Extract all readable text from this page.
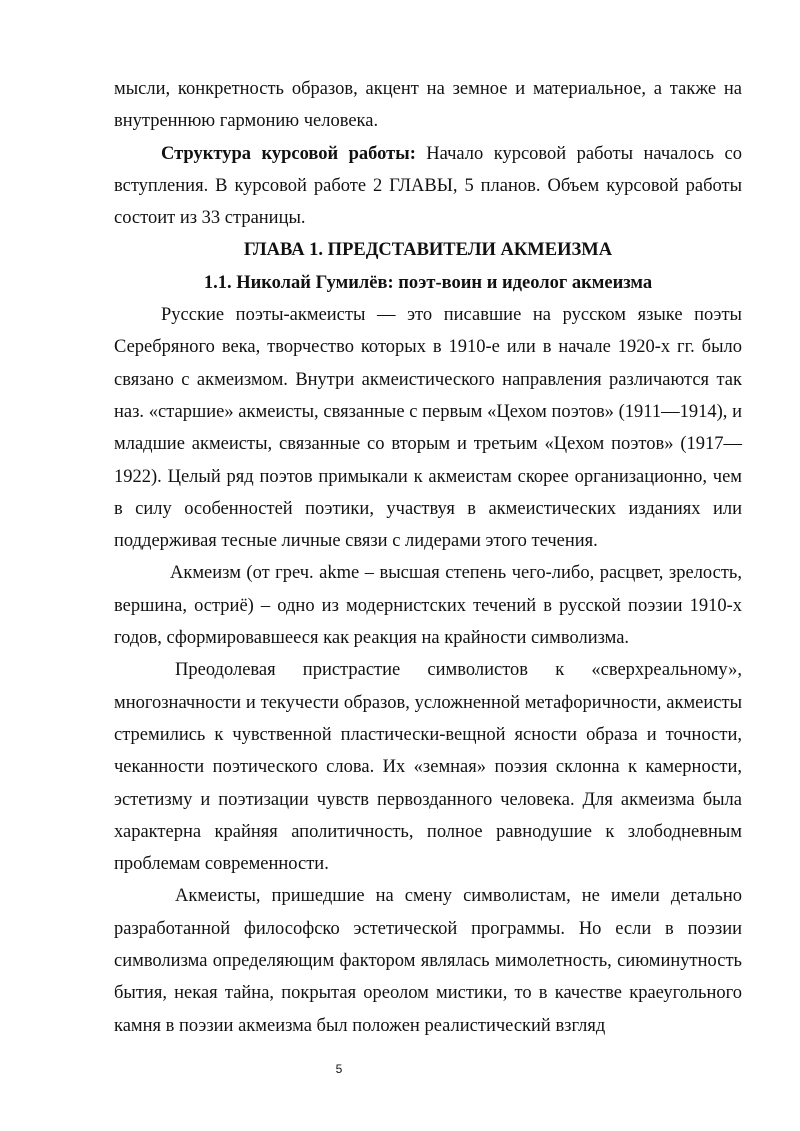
мысли, конкретность образов, акцент на земное и материальное, а также на внутреннюю гармонию человека.

Структура курсовой работы: Начало курсовой работы началось со вступления. В курсовой работе 2 ГЛАВЫ, 5 планов. Объем курсовой работы состоит из 33 страницы.

ГЛАВА 1. ПРЕДСТАВИТЕЛИ АКМЕИЗМА

1.1. Николай Гумилёв: поэт-воин и идеолог акмеизма

Русские поэты-акмеисты — это писавшие на русском языке поэты Серебряного века, творчество которых в 1910-е или в начале 1920-х гг. было связано с акмеизмом. Внутри акмеистического направления различаются так наз. «старшие» акмеисты, связанные с первым «Цехом поэтов» (1911—1914), и младшие акмеисты, связанные со вторым и третьим «Цехом поэтов» (1917—1922). Целый ряд поэтов примыкали к акмеистам скорее организационно, чем в силу особенностей поэтики, участвуя в акмеистических изданиях или поддерживая тесные личные связи с лидерами этого течения.

Акмеизм (от греч. akme – высшая степень чего-либо, расцвет, зрелость, вершина, остриё) – одно из модернистских течений в русской поэзии 1910-х годов, сформировавшееся как реакция на крайности символизма.

Преодолевая пристрастие символистов к «сверхреальному», многозначности и текучести образов, усложненной метафоричности, акмеисты стремились к чувственной пластически-вещной ясности образа и точности, чеканности поэтического слова. Их «земная» поэзия склонна к камерности, эстетизму и поэтизации чувств первозданного человека. Для акмеизма была характерна крайняя аполитичность, полное равнодушие к злободневным проблемам современности.

Акмеисты, пришедшие на смену символистам, не имели детально разработанной философско эстетической программы. Но если в поэзии символизма определяющим фактором являлась мимолетность, сиюминутность бытия, некая тайна, покрытая ореолом мистики, то в качестве краеугольного камня в поэзии акмеизма был положен реалистический взгляд

5
